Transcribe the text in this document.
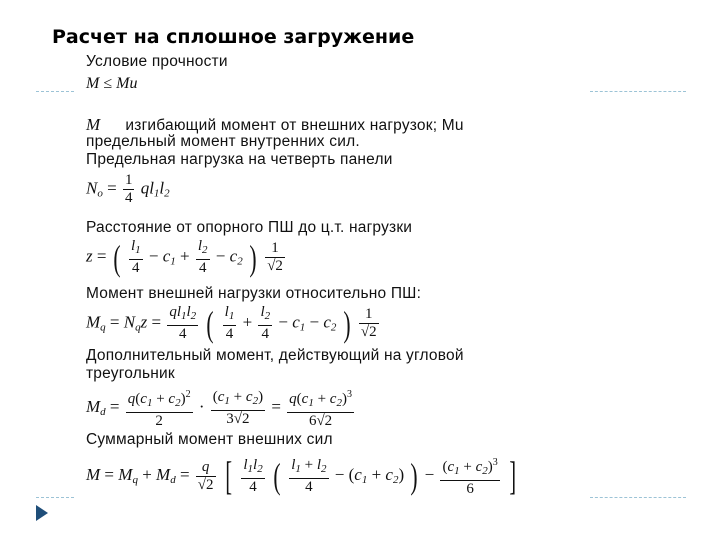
Расчет на сплошное загружение
Условие прочности
M ≤ Mu
M изгибающий момент от внешних нагрузок; Mu
предельный момент внутренних сил.
Предельная нагрузка на четверть панели
$N_o = \frac{1}{4} ql_1l_2$
Расстояние от опорного ПШ до ц.т. нагрузки
z = ( $\frac{l_1}{4} - c_1 + \frac{l_2}{4} - c_2$ ) $\frac{1}{√2}$
Момент внешней нагрузки относительно ПШ:
$M_q = N_qz = \frac{ql_1l_2}{4}$ ( $\frac{l_1}{4} + \frac{l_2}{4} - c_1 - c_2$ ) $\frac{1}{√2}$
Дополнительный момент, действующий на угловой
треугольник
$M_d = \frac{q(c_1 + c_2)^2}{2} \cdot \frac{(c_1 + c_2)}{3√2} = \frac{q(c_1 + c_2)^3}{6√2}$
Суммарный момент внешних сил
$M = M_q + M_d = \frac{q}{√2}$ [ $\frac{l_1l_2}{4}$ ( $\frac{l_1 + l_2}{4} - (c_1 + c_2)$ ) − $\frac{(c_1 + c_2)^3}{6}$ ]
